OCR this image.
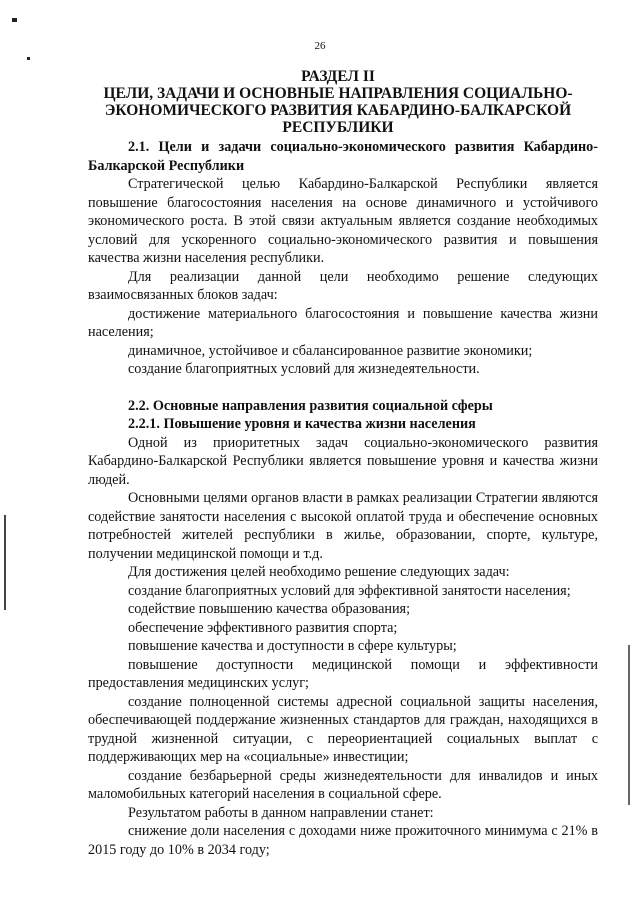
26
РАЗДЕЛ II
ЦЕЛИ, ЗАДАЧИ И ОСНОВНЫЕ НАПРАВЛЕНИЯ СОЦИАЛЬНО-
ЭКОНОМИЧЕСКОГО РАЗВИТИЯ КАБАРДИНО-БАЛКАРСКОЙ
РЕСПУБЛИКИ

2.1. Цели и задачи социально-экономического развития Кабардино-Балкарской Республики

Стратегической целью Кабардино-Балкарской Республики является повышение благосостояния населения на основе динамичного и устойчивого экономического роста. В этой связи актуальным является создание необходимых условий для ускоренного социально-экономического развития и повышения качества жизни населения республики.

Для реализации данной цели необходимо решение следующих взаимосвязанных блоков задач:

достижение материального благосостояния и повышение качества жизни населения;

динамичное, устойчивое и сбалансированное развитие экономики;

создание благоприятных условий для жизнедеятельности.

2.2. Основные направления развития социальной сферы

2.2.1. Повышение уровня и качества жизни населения

Одной из приоритетных задач социально-экономического развития Кабардино-Балкарской Республики является повышение уровня и качества жизни людей.

Основными целями органов власти в рамках реализации Стратегии являются содействие занятости населения с высокой оплатой труда и обеспечение основных потребностей жителей республики в жилье, образовании, спорте, культуре, получении медицинской помощи и т.д.

Для достижения целей необходимо решение следующих задач:

создание благоприятных условий для эффективной занятости населения;

содействие повышению качества образования;

обеспечение эффективного развития спорта;

повышение качества и доступности в сфере культуры;

повышение доступности медицинской помощи и эффективности предоставления медицинских услуг;

создание полноценной системы адресной социальной защиты населения, обеспечивающей поддержание жизненных стандартов для граждан, находящихся в трудной жизненной ситуации, с переориентацией социальных выплат с поддерживающих мер на «социальные» инвестиции;

создание безбарьерной среды жизнедеятельности для инвалидов и иных маломобильных категорий населения в социальной сфере.

Результатом работы в данном направлении станет:

снижение доли населения с доходами ниже прожиточного минимума с 21% в 2015 году до 10% в 2034 году;
